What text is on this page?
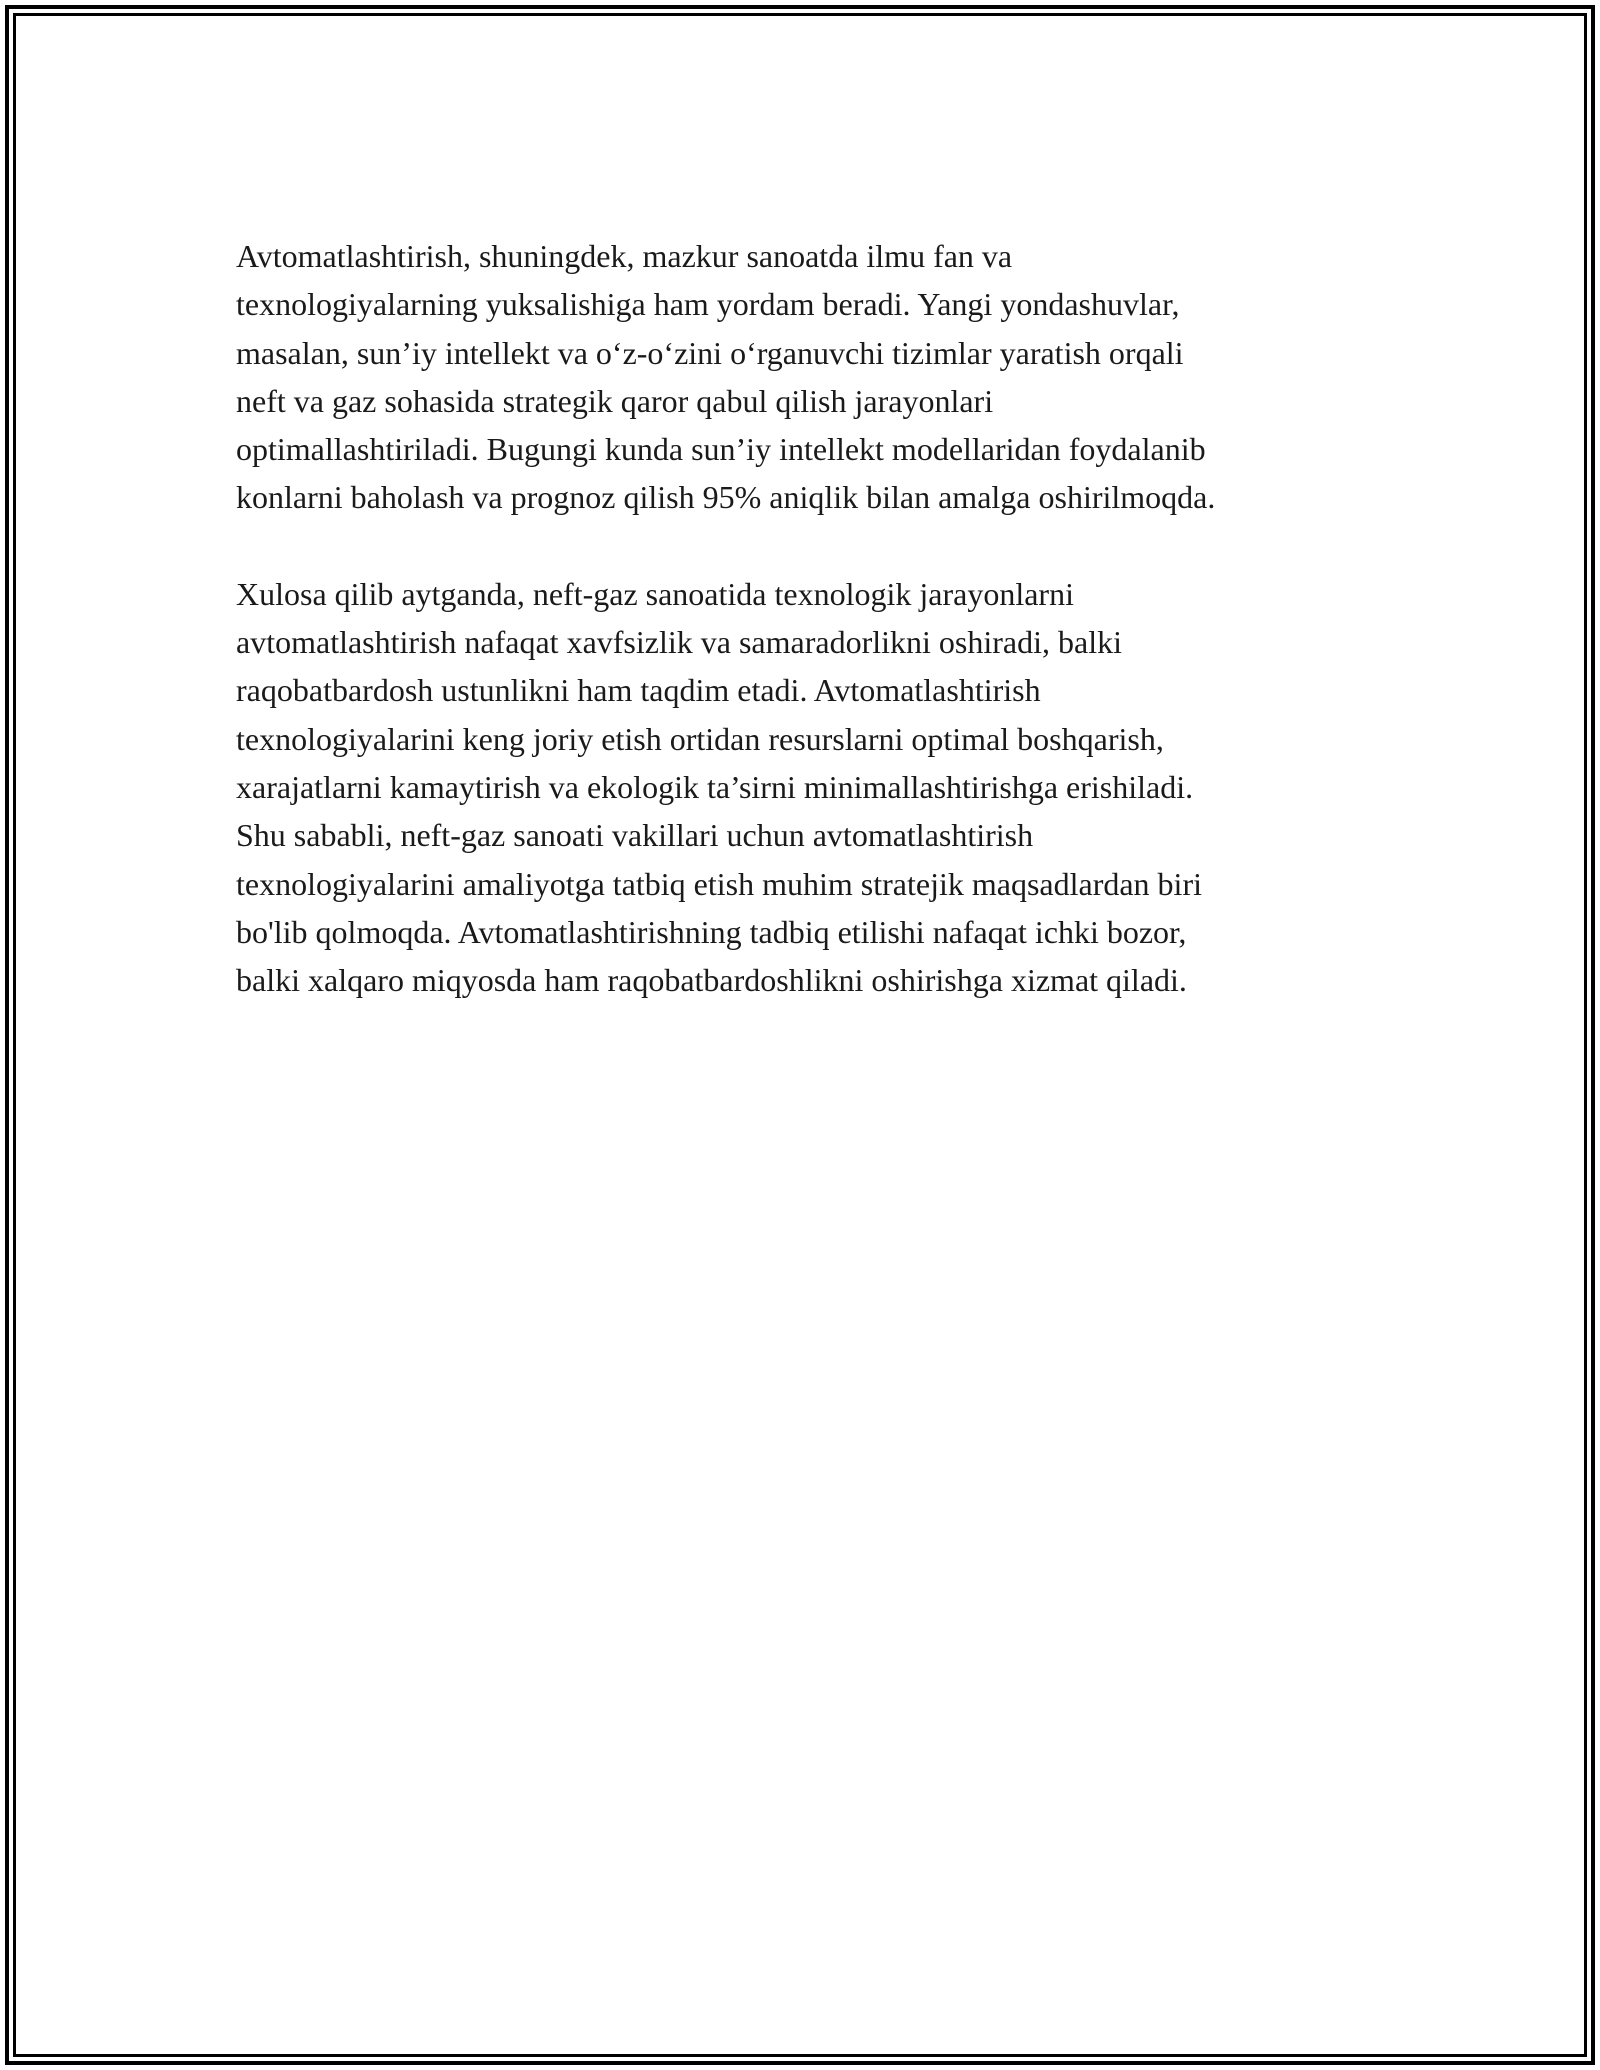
Avtomatlashtirish, shuningdek, mazkur sanoatda ilmu fan va
texnologiyalarning yuksalishiga ham yordam beradi. Yangi yondashuvlar,
masalan, sun’iy intellekt va o‘z-o‘zini o‘rganuvchi tizimlar yaratish orqali
neft va gaz sohasida strategik qaror qabul qilish jarayonlari
optimallashtiriladi. Bugungi kunda sun’iy intellekt modellaridan foydalanib
konlarni baholash va prognoz qilish 95% aniqlik bilan amalga oshirilmoqda.

Xulosa qilib aytganda, neft-gaz sanoatida texnologik jarayonlarni
avtomatlashtirish nafaqat xavfsizlik va samaradorlikni oshiradi, balki
raqobatbardosh ustunlikni ham taqdim etadi. Avtomatlashtirish
texnologiyalarini keng joriy etish ortidan resurslarni optimal boshqarish,
xarajatlarni kamaytirish va ekologik ta’sirni minimallashtirishga erishiladi.
Shu sababli, neft-gaz sanoati vakillari uchun avtomatlashtirish
texnologiyalarini amaliyotga tatbiq etish muhim stratejik maqsadlardan biri
bo'lib qolmoqda. Avtomatlashtirishning tadbiq etilishi nafaqat ichki bozor,
balki xalqaro miqyosda ham raqobatbardoshlikni oshirishga xizmat qiladi.
